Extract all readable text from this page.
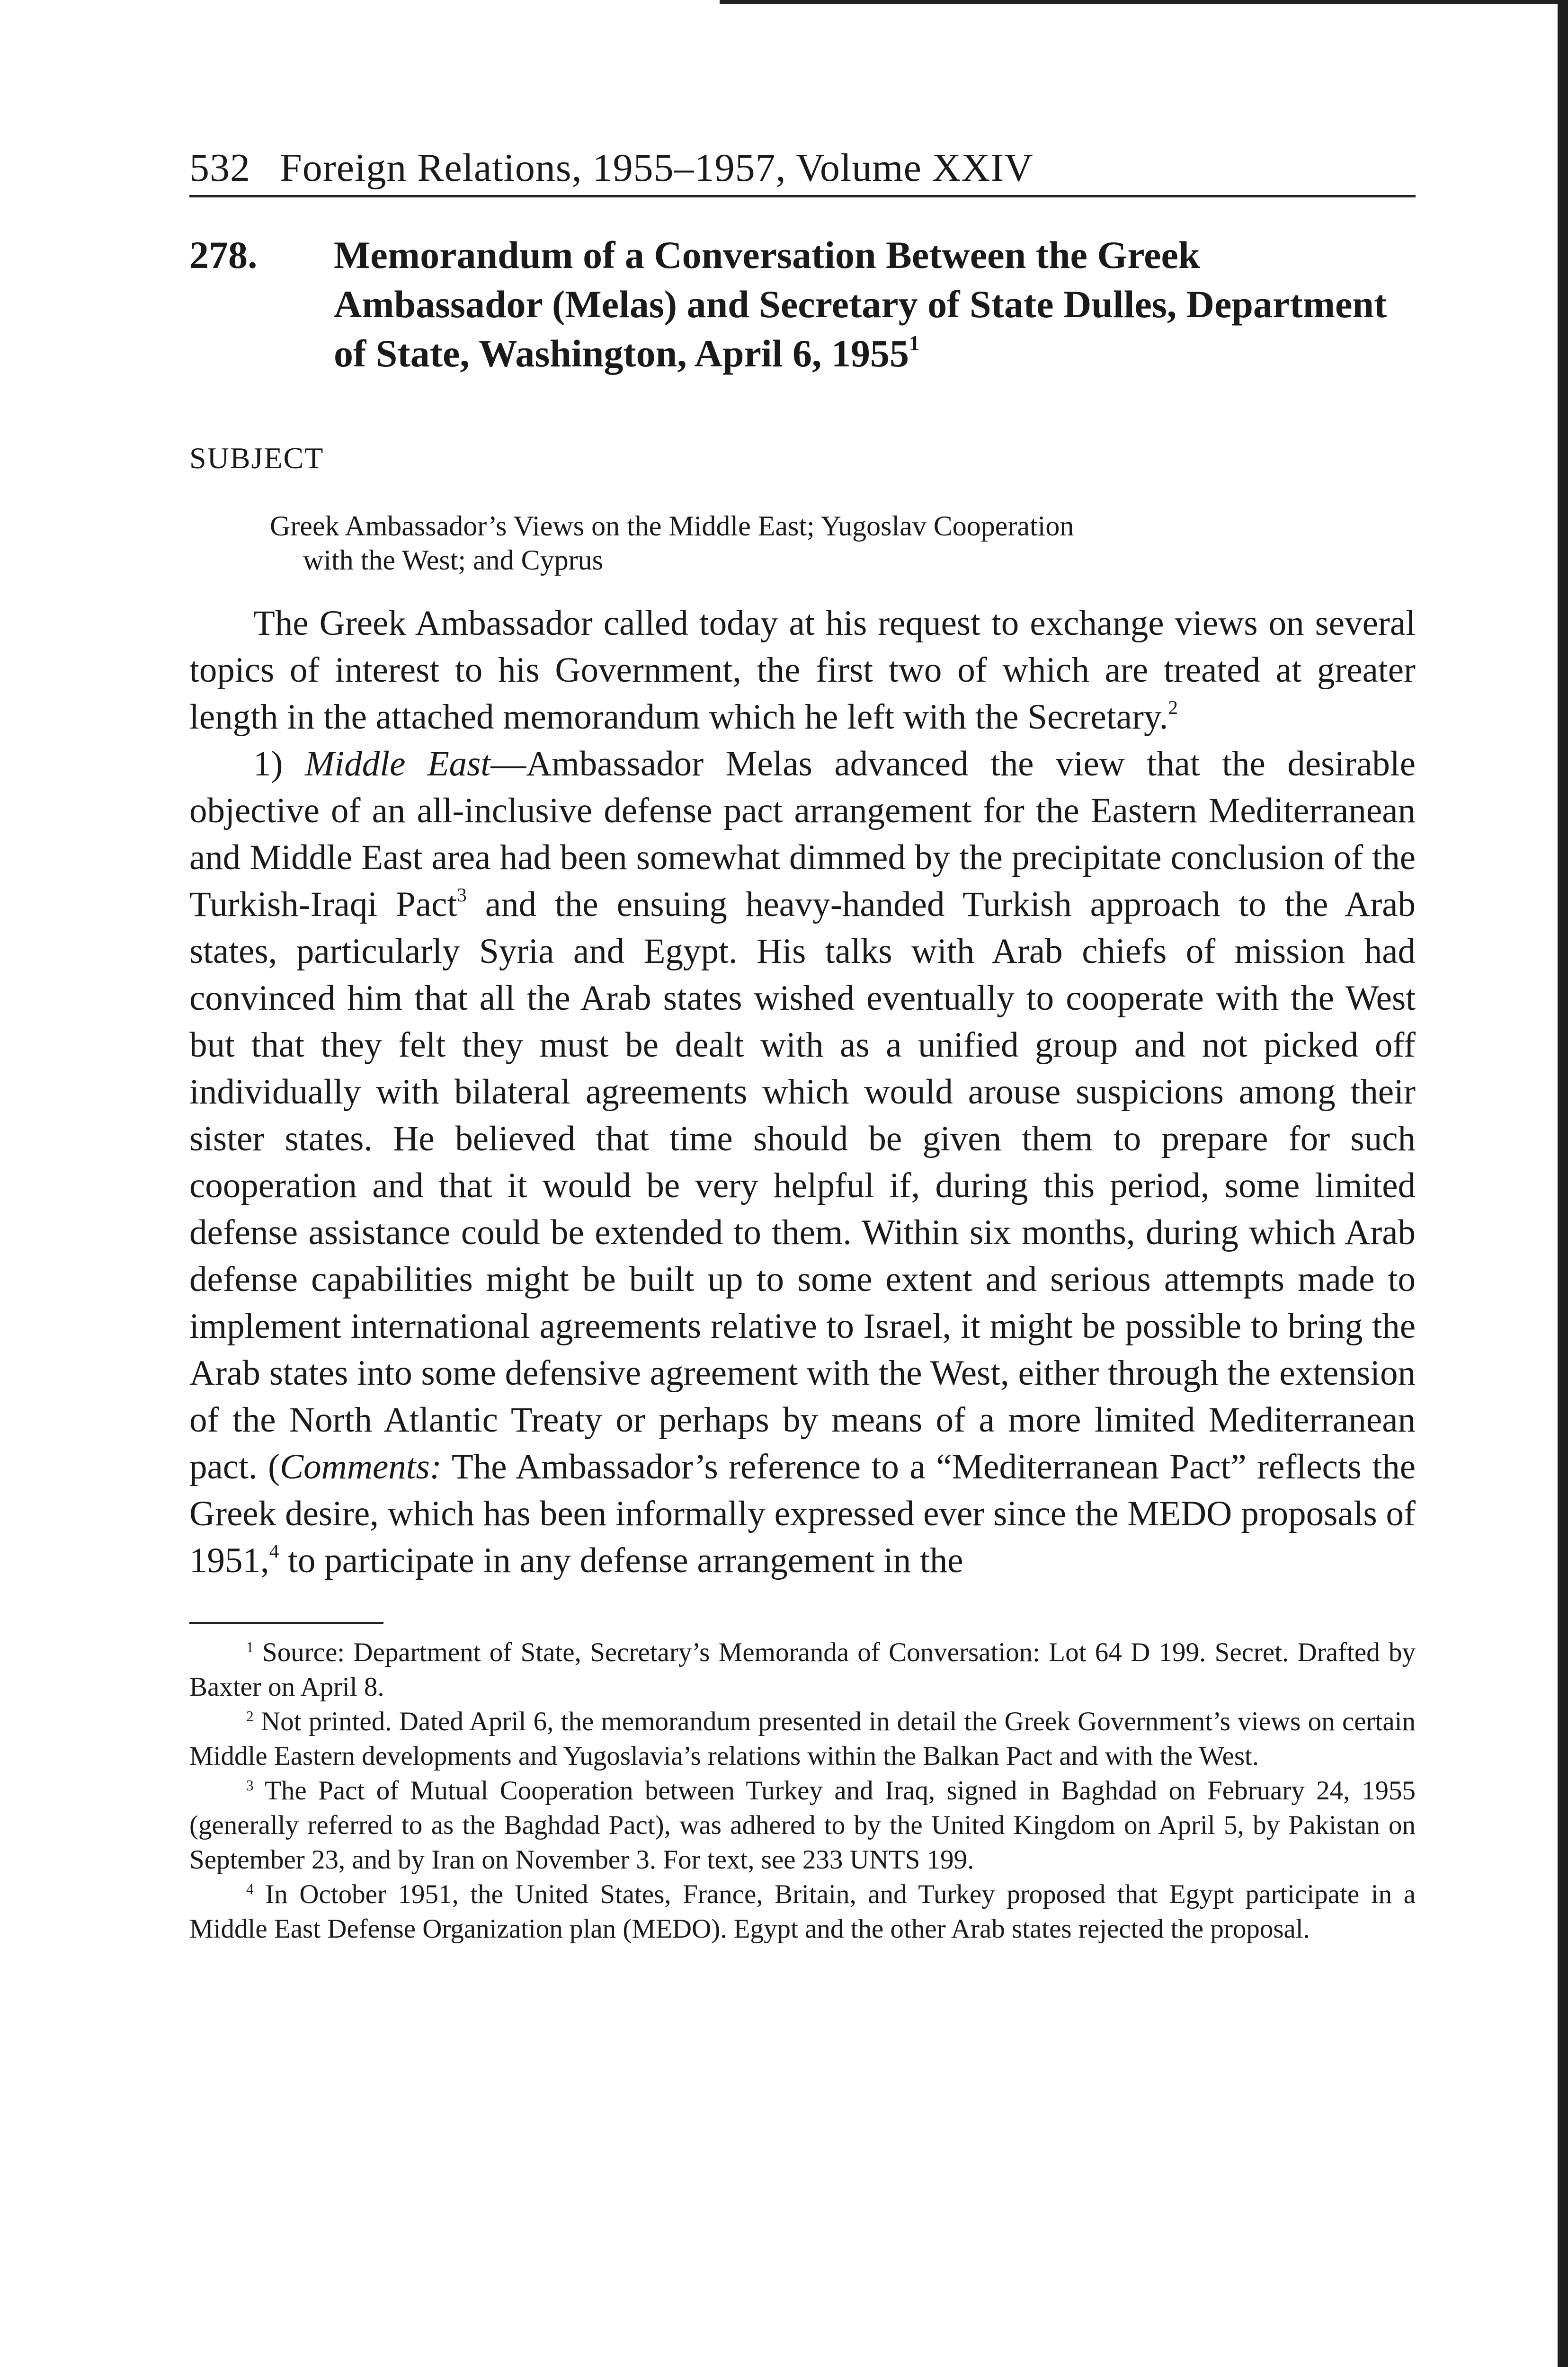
532 Foreign Relations, 1955–1957, Volume XXIV
278.	Memorandum of a Conversation Between the Greek Ambassador (Melas) and Secretary of State Dulles, Department of State, Washington, April 6, 1955$^1$
SUBJECT
Greek Ambassador’s Views on the Middle East; Yugoslav Cooperation
with the West; and Cyprus

The Greek Ambassador called today at his request to exchange views on several topics of interest to his Government, the first two of which are treated at greater length in the attached memorandum which he left with the Secretary.$^2$

1) Middle East—Ambassador Melas advanced the view that the desirable objective of an all-inclusive defense pact arrangement for the Eastern Mediterranean and Middle East area had been somewhat dimmed by the precipitate conclusion of the Turkish-Iraqi Pact$^3$ and the ensuing heavy-handed Turkish approach to the Arab states, particularly Syria and Egypt. His talks with Arab chiefs of mission had convinced him that all the Arab states wished eventually to cooperate with the West but that they felt they must be dealt with as a unified group and not picked off individually with bilateral agreements which would arouse suspicions among their sister states. He believed that time should be given them to prepare for such cooperation and that it would be very helpful if, during this period, some limited defense assistance could be extended to them. Within six months, during which Arab defense capabilities might be built up to some extent and serious attempts made to implement international agreements relative to Israel, it might be possible to bring the Arab states into some defensive agreement with the West, either through the extension of the North Atlantic Treaty or perhaps by means of a more limited Mediterranean pact. (Comments: The Ambassador’s reference to a “Mediterranean Pact” reflects the Greek desire, which has been informally expressed ever since the MEDO proposals of 1951,$^4$ to participate in any defense arrangement in the

$^1$ Source: Department of State, Secretary’s Memoranda of Conversation: Lot 64 D 199. Secret. Drafted by Baxter on April 8.

$^2$ Not printed. Dated April 6, the memorandum presented in detail the Greek Government’s views on certain Middle Eastern developments and Yugoslavia’s relations within the Balkan Pact and with the West.

$^3$ The Pact of Mutual Cooperation between Turkey and Iraq, signed in Baghdad on February 24, 1955 (generally referred to as the Baghdad Pact), was adhered to by the United Kingdom on April 5, by Pakistan on September 23, and by Iran on November 3. For text, see 233 UNTS 199.

$^4$ In October 1951, the United States, France, Britain, and Turkey proposed that Egypt participate in a Middle East Defense Organization plan (MEDO). Egypt and the other Arab states rejected the proposal.
